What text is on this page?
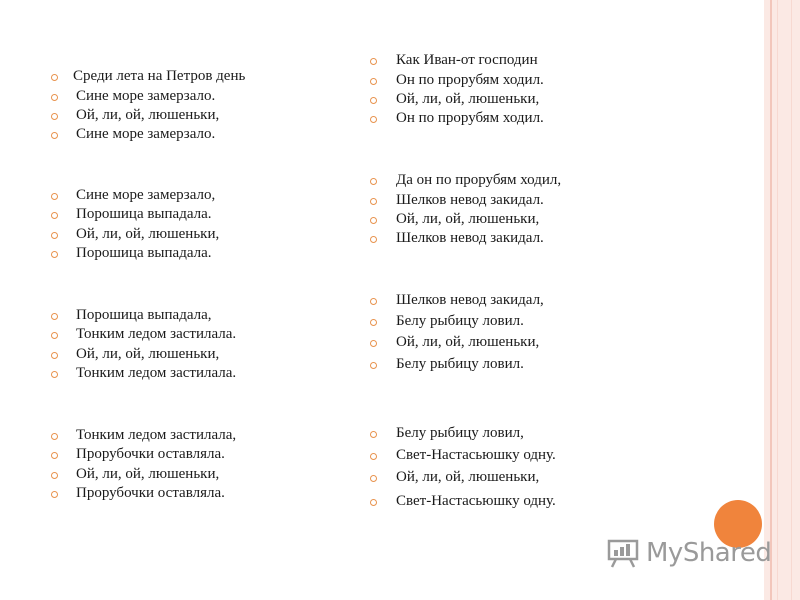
Среди лета на Петров день
Сине море замерзало.
Ой, ли, ой, люшеньки,
Сине море замерзало.
Сине море замерзало,
Порошица выпадала.
Ой, ли, ой, люшеньки,
Порошица выпадала.
Порошица выпадала,
Тонким ледом застилала.
Ой, ли, ой, люшеньки,
Тонким ледом застилала.
Тонким ледом застилала,
Прорубочки оставляла.
Ой, ли, ой, люшеньки,
Прорубочки оставляла.
Как Иван-от господин
Он по прорубям ходил.
Ой, ли, ой, люшеньки,
Он по прорубям ходил.
Да он по прорубям ходил,
Шелков невод закидал.
Ой, ли, ой, люшеньки,
Шелков невод закидал.
Шелков невод закидал,
Белу рыбицу ловил.
Ой, ли, ой, люшеньки,
Белу рыбицу ловил.
Белу рыбицу ловил,
Свет-Настасьюшку одну.
Ой, ли, ой, люшеньки,
Свет-Настасьюшку одну.
MyShared
